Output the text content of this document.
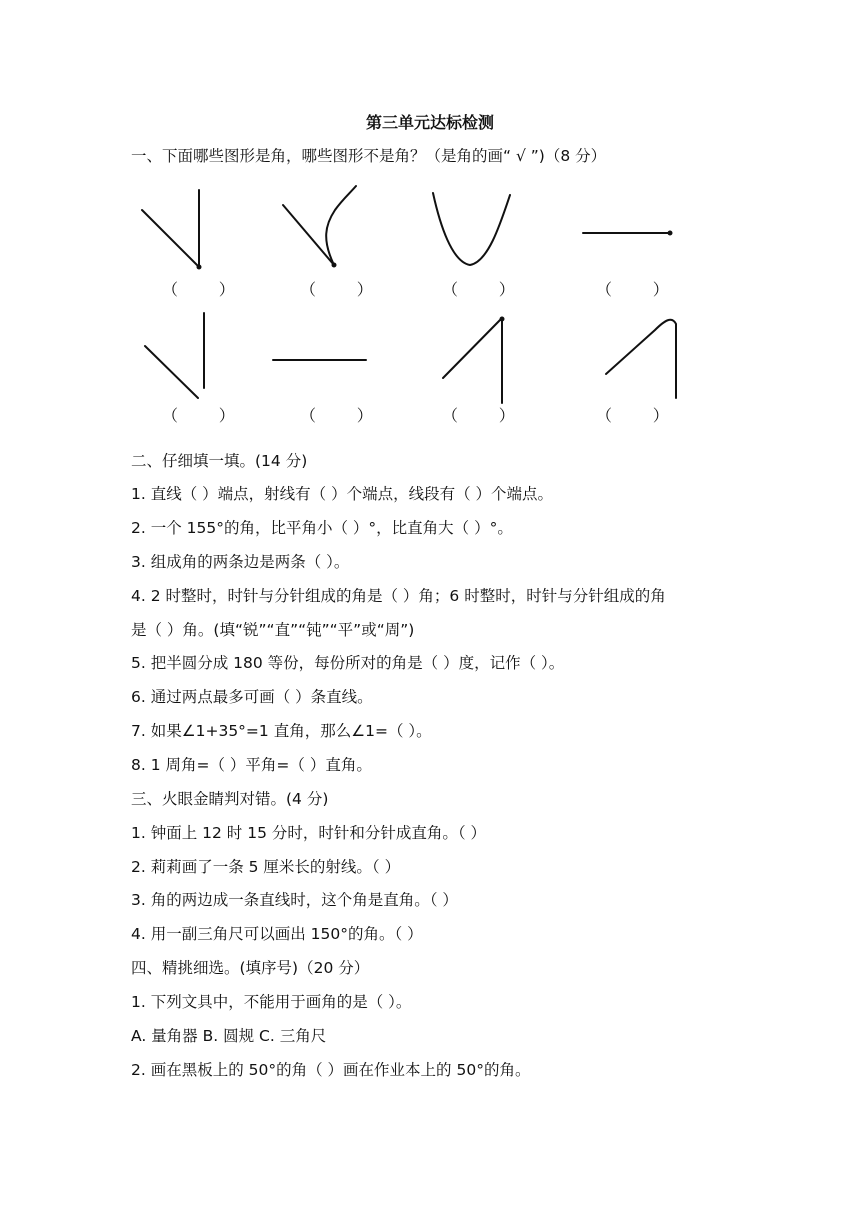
第三单元达标检测
一、下面哪些图形是角，哪些图形不是角？（是角的画“ √ ”)（8 分）
（        ）	（        ）	（        ）	（        ）
（        ）	（        ）	（        ）	（        ）
二、仔细填一填。(14 分)
1. 直线（ ）端点，射线有（ ）个端点，线段有（ ）个端点。
2. 一个 155°的角，比平角小（ ）°，比直角大（ ）°。
3. 组成角的两条边是两条（ ）。
4. 2 时整时，时针与分针组成的角是（ ）角；6 时整时，时针与分针组成的角
是（ ）角。(填“锐”“直”“钝”“平”或“周”)
5. 把半圆分成 180 等份，每份所对的角是（ ）度，记作（ ）。
6. 通过两点最多可画（ ）条直线。
7. 如果∠1+35°=1 直角，那么∠1=（ ）。
8. 1 周角=（ ）平角=（ ）直角。
三、火眼金睛判对错。(4 分)
1. 钟面上 12 时 15 分时，时针和分针成直角。（ ）
2. 莉莉画了一条 5 厘米长的射线。（ ）
3. 角的两边成一条直线时，这个角是直角。（ ）
4. 用一副三角尺可以画出 150°的角。（ ）
四、精挑细选。(填序号)（20 分）
1. 下列文具中，不能用于画角的是（ ）。
A. 量角器 B. 圆规 C. 三角尺
2. 画在黑板上的 50°的角（ ）画在作业本上的 50°的角。
